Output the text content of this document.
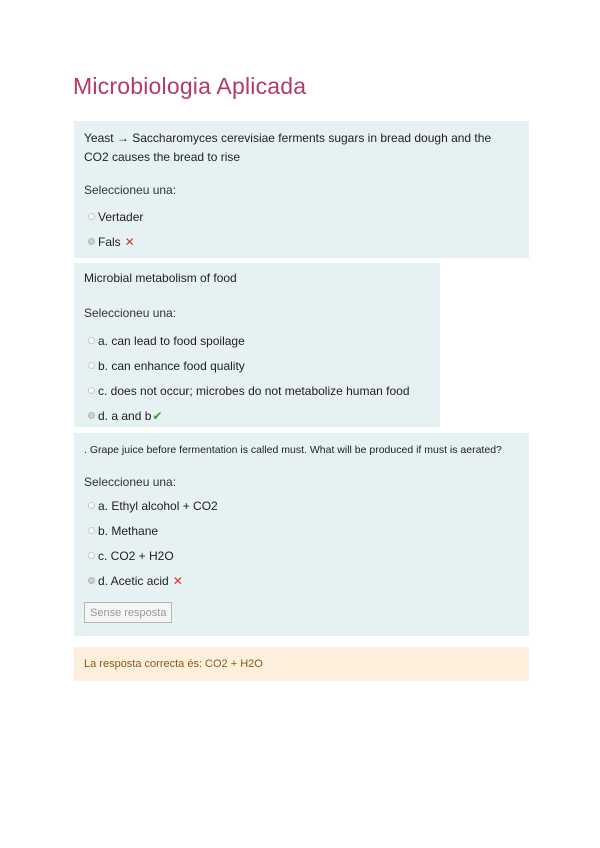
Microbiologia Aplicada
Yeast → Saccharomyces cerevisiae ferments sugars in bread dough and the CO2 causes the bread to rise
Seleccioneu una:
Vertader
Fals ✕
Microbial metabolism of food
Seleccioneu una:
a. can lead to food spoilage
b. can enhance food quality
c. does not occur; microbes do not metabolize human food
d. a and b ✔
. Grape juice before fermentation is called must. What will be produced if must is aerated?
Seleccioneu una:
a. Ethyl alcohol + CO2
b. Methane
c. CO2 + H2O
d. Acetic acid ✕
Sense resposta
La resposta correcta és: CO2 + H2O
